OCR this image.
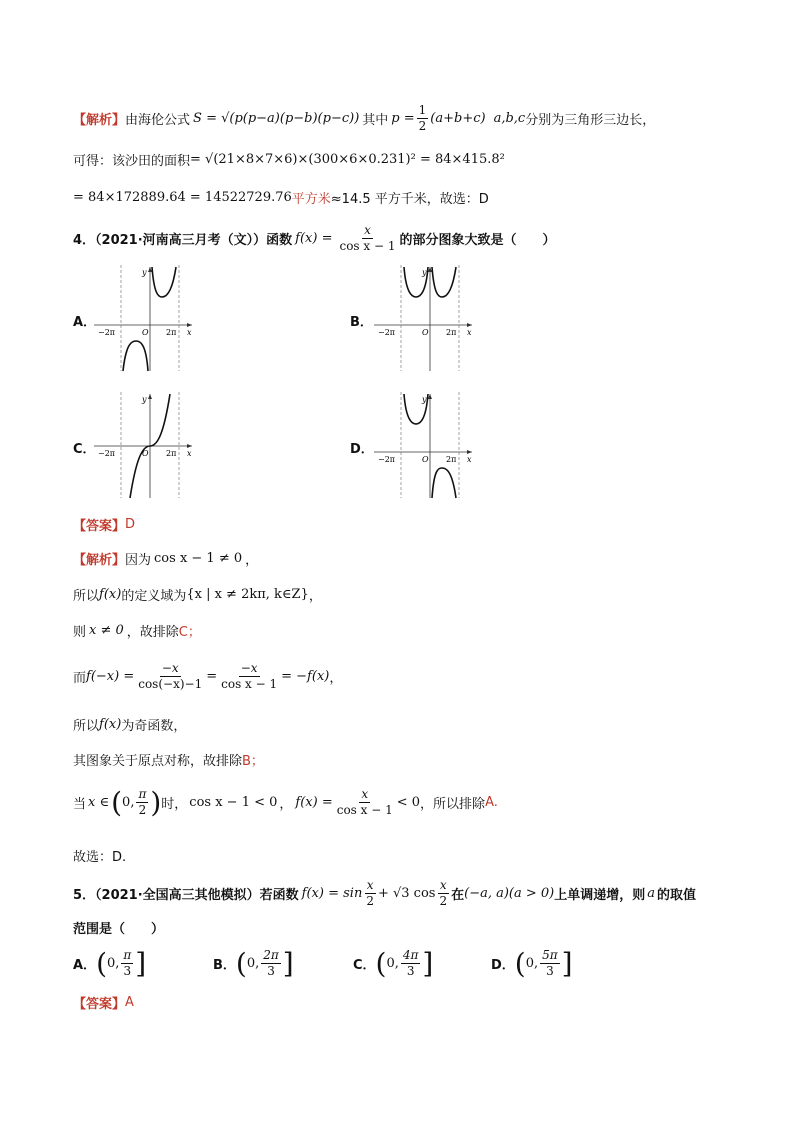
【解析】 由海伦公式 S = √(p(p−a)(p−b)(p−c)) 其中 $p = \frac{1}{2} (a+b+c)$ a,b,c 分别为三角形三边长，
可得：该沙田的面积 = √(21×8×7×6)×(300×6×0.231)² = 84×415.8²
= 84×172889.64 = 14522729.76 平方米 ≈14.5 平方千米，故选：D
4．（2021·河南高三月考（文））函数 $f(x) = \frac{x}{\text{cos x − 1}}$ 的部分图象大致是（　　）
A．	B．
C．	D．
−2π	O 2π x
y
−2π	O 2π x
y
−2π	O 2π x
y
−2π	O 2π x
y
【答案】 D
【解析】 因为 cos x − 1 ≠ 0 ，
所以 f(x) 的定义域为 {x | x ≠ 2kπ, k∈Z} ，
则 x ≠ 0 ，故排除 C；
而 $f(-x) = \frac{-x}{\cos(-x)-1} = \frac{-x}{\text{cos x − 1}} = -f(x)$ ，
所以 f(x) 为奇函数，
其图象关于原点对称，故排除 B；
当 x ∈ ( 0, $\frac{\pi}{2}$ ) 时， cos x − 1 < 0 ， $f(x) = \frac{x}{\text{cos x − 1}} < 0$ ，所以排除 A.
故选：D.
5．（2021·全国高三其他模拟）若函数 $f(x) = \sin \frac{x}{2} + √3$ $\cos \frac{x}{2}$ 在 (−a, a)(a > 0) 上单调递增，则 a 的取值
范围是（　　）
A． ( 0, $\frac{\pi}{3}$ ]	B． ( 0, $\frac{2\pi}{3}$ ]	C． ( 0, $\frac{4\pi}{3}$ ]	D． ( 0, $\frac{5\pi}{3}$ ]
【答案】 A
